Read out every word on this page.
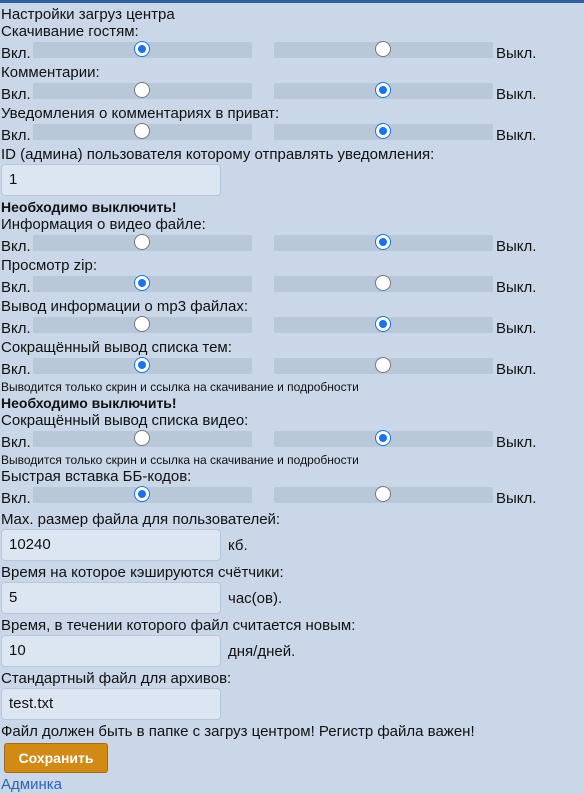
Настройки загруз центра
Скачивание гостям:
Вкл.	Выкл.
Комментарии:
Вкл.	Выкл.
Уведомления о комментариях в приват:
Вкл.	Выкл.
ID (админа) пользователя которому отправлять уведомления:
1
Необходимо выключить!
Информация о видео файле:
Вкл.	Выкл.
Просмотр zip:
Вкл.	Выкл.
Вывод информации о mp3 файлах:
Вкл.	Выкл.
Сокращённый вывод списка тем:
Вкл.	Выкл.
Выводится только скрин и ссылка на скачивание и подробности
Необходимо выключить!
Сокращённый вывод списка видео:
Вкл.	Выкл.
Выводится только скрин и ссылка на скачивание и подробности
Быстрая вставка ББ-кодов:
Вкл.	Выкл.
Max. размер файла для пользователей:
10240	кб.
Время на которое кэшируются счётчики:
5	час(ов).
Время, в течении которого файл считается новым:
10	дня/дней.
Стандартный файл для архивов:
test.txt
Файл должен быть в папке с загруз центром! Регистр файла важен!
Сохранить
Админка
